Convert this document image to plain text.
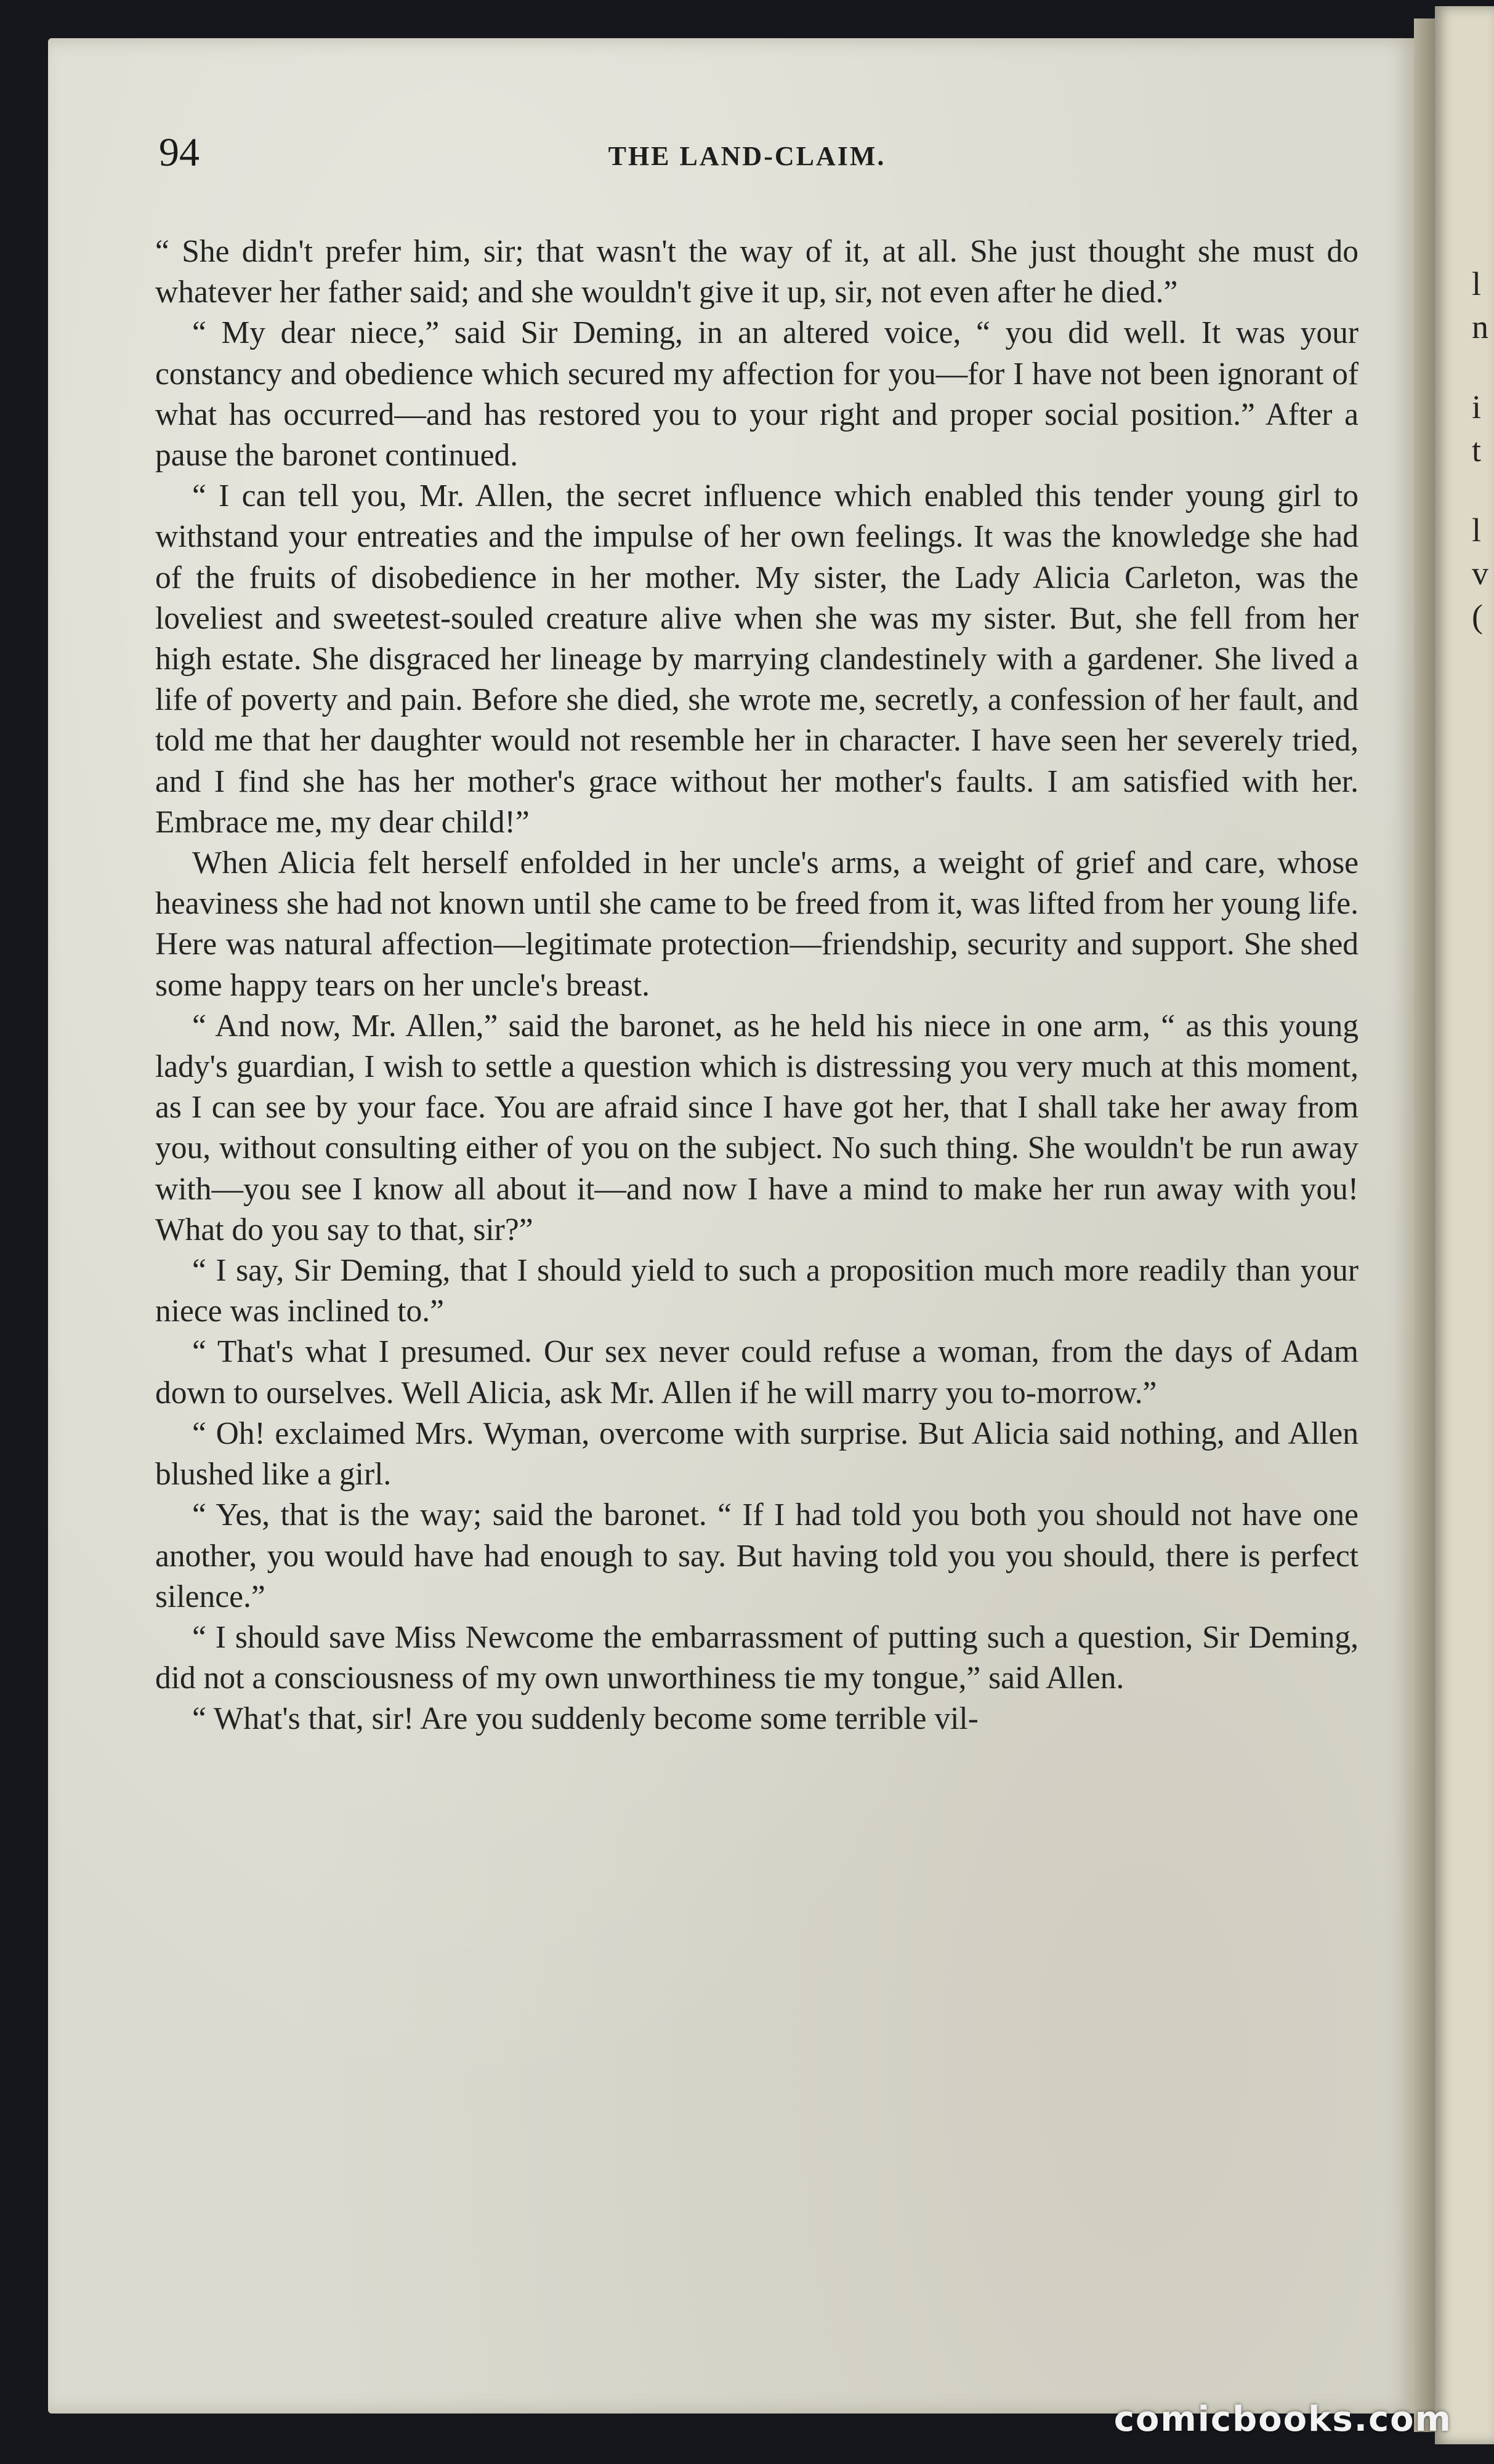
l
n
i
t
l
v
(
94	THE LAND-CLAIM.

“ She didn't prefer him, sir; that wasn't the way of it, at all. She just thought she must do whatever her father said; and she wouldn't give it up, sir, not even after he died.”

“ My dear niece,” said Sir Deming, in an altered voice, “ you did well. It was your constancy and obedience which secured my affection for you—for I have not been ignorant of what has occurred—and has restored you to your right and proper social position.” After a pause the baronet continued.

“ I can tell you, Mr. Allen, the secret influence which enabled this tender young girl to withstand your entreaties and the impulse of her own feelings. It was the knowledge she had of the fruits of disobedience in her mother. My sister, the Lady Alicia Carleton, was the loveliest and sweetest-souled creature alive when she was my sister. But, she fell from her high estate. She disgraced her lineage by marrying clandestinely with a gardener. She lived a life of poverty and pain. Before she died, she wrote me, secretly, a confession of her fault, and told me that her daughter would not resemble her in character. I have seen her severely tried, and I find she has her mother's grace without her mother's faults. I am satisfied with her. Embrace me, my dear child!”

When Alicia felt herself enfolded in her uncle's arms, a weight of grief and care, whose heaviness she had not known until she came to be freed from it, was lifted from her young life. Here was natural affection—legitimate protection—friendship, security and support. She shed some happy tears on her uncle's breast.

“ And now, Mr. Allen,” said the baronet, as he held his niece in one arm, “ as this young lady's guardian, I wish to settle a question which is distressing you very much at this moment, as I can see by your face. You are afraid since I have got her, that I shall take her away from you, without consulting either of you on the subject. No such thing. She wouldn't be run away with—you see I know all about it—and now I have a mind to make her run away with you! What do you say to that, sir?”

“ I say, Sir Deming, that I should yield to such a proposition much more readily than your niece was inclined to.”

“ That's what I presumed. Our sex never could refuse a woman, from the days of Adam down to ourselves. Well Alicia, ask Mr. Allen if he will marry you to-morrow.”

“ Oh! exclaimed Mrs. Wyman, overcome with surprise. But Alicia said nothing, and Allen blushed like a girl.

“ Yes, that is the way; said the baronet. “ If I had told you both you should not have one another, you would have had enough to say. But having told you you should, there is perfect silence.”

“ I should save Miss Newcome the embarrassment of putting such a question, Sir Deming, did not a consciousness of my own unworthiness tie my tongue,” said Allen.

“ What's that, sir! Are you suddenly become some terrible vil-

comicbooks.com
